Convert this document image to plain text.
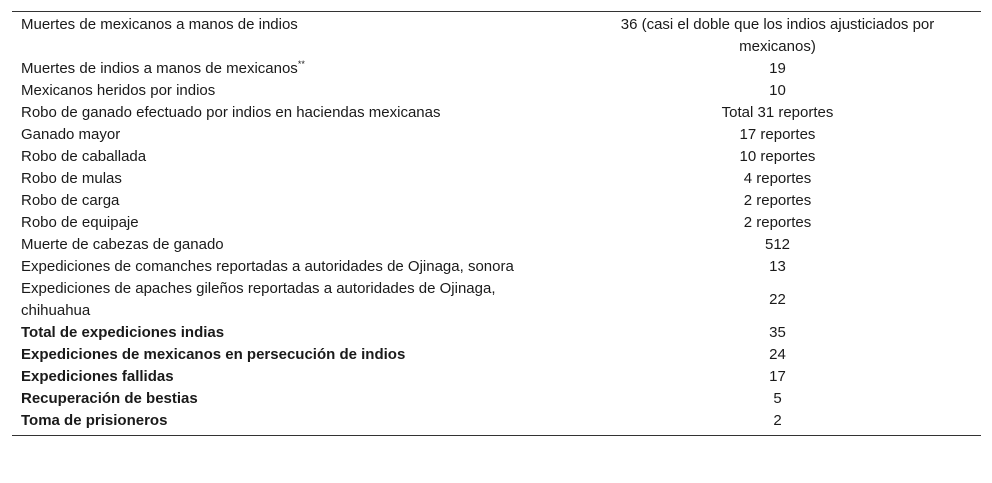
Muertes de mexicanos a manos de indios	36 (casi el doble que los indios ajusticiados por mexicanos)
Muertes de indios a manos de mexicanos**	19
Mexicanos heridos por indios	10
Robo de ganado efectuado por indios en haciendas mexicanas	Total 31 reportes
Ganado mayor	17 reportes
Robo de caballada	10 reportes
Robo de mulas	4 reportes
Robo de carga	2 reportes
Robo de equipaje	2 reportes
Muerte de cabezas de ganado	512
Expediciones de comanches reportadas a autoridades de Ojinaga, sonora	13
Expediciones de apaches gileños reportadas a autoridades de Ojinaga, chihuahua	22
Total de expediciones indias	35
Expediciones de mexicanos en persecución de indios	24
Expediciones fallidas	17
Recuperación de bestias	5
Toma de prisioneros	2
